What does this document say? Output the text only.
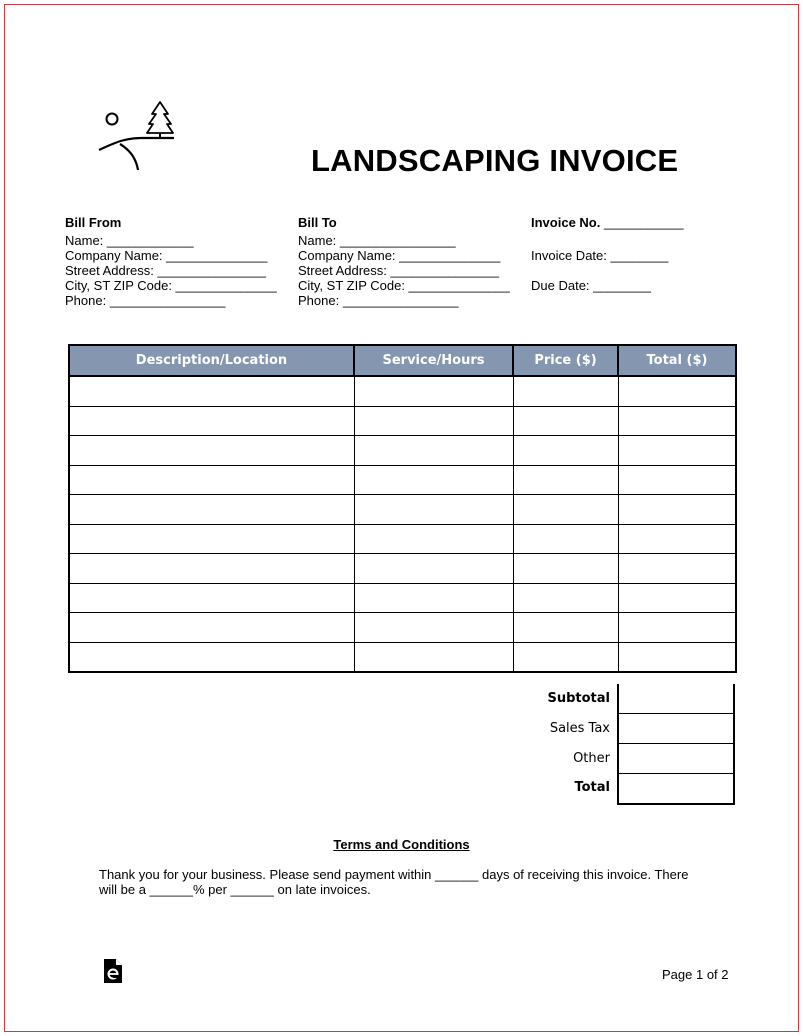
LANDSCAPING INVOICE
Bill From
Name: ____________
Company Name: ______________
Street Address: _______________
City, ST ZIP Code: ______________
Phone: ________________
Bill To
Name: ________________
Company Name: ______________
Street Address: _______________
City, ST ZIP Code: ______________
Phone: ________________
Invoice No. ___________
Invoice Date: ________
Due Date: ________
Description/Location	Service/Hours	Price ($)	Total ($)

Subtotal
Sales Tax
Other
Total
Terms and Conditions
Thank you for your business. Please send payment within ______ days of receiving this invoice. There will be a ______% per ______ on late invoices.
Page 1 of 2
